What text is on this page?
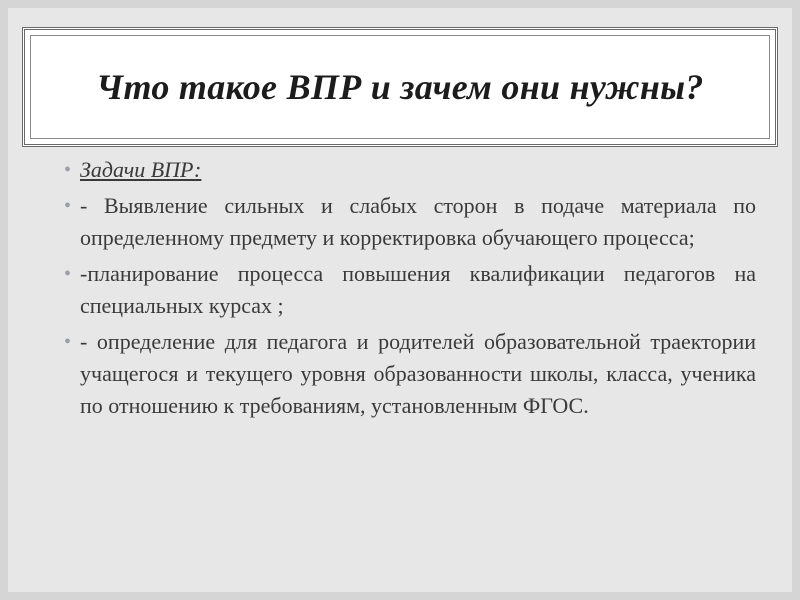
Что такое ВПР и зачем они нужны?
• Задачи ВПР:
• - Выявление сильных и слабых сторон в подаче материала по определенному предмету и корректировка обучающего процесса;
• -планирование процесса повышения квалификации педагогов на специальных курсах ;
• - определение для педагога и родителей образовательной траектории учащегося и текущего уровня образованности школы, класса, ученика по отношению к требованиям, установленным ФГОС.
